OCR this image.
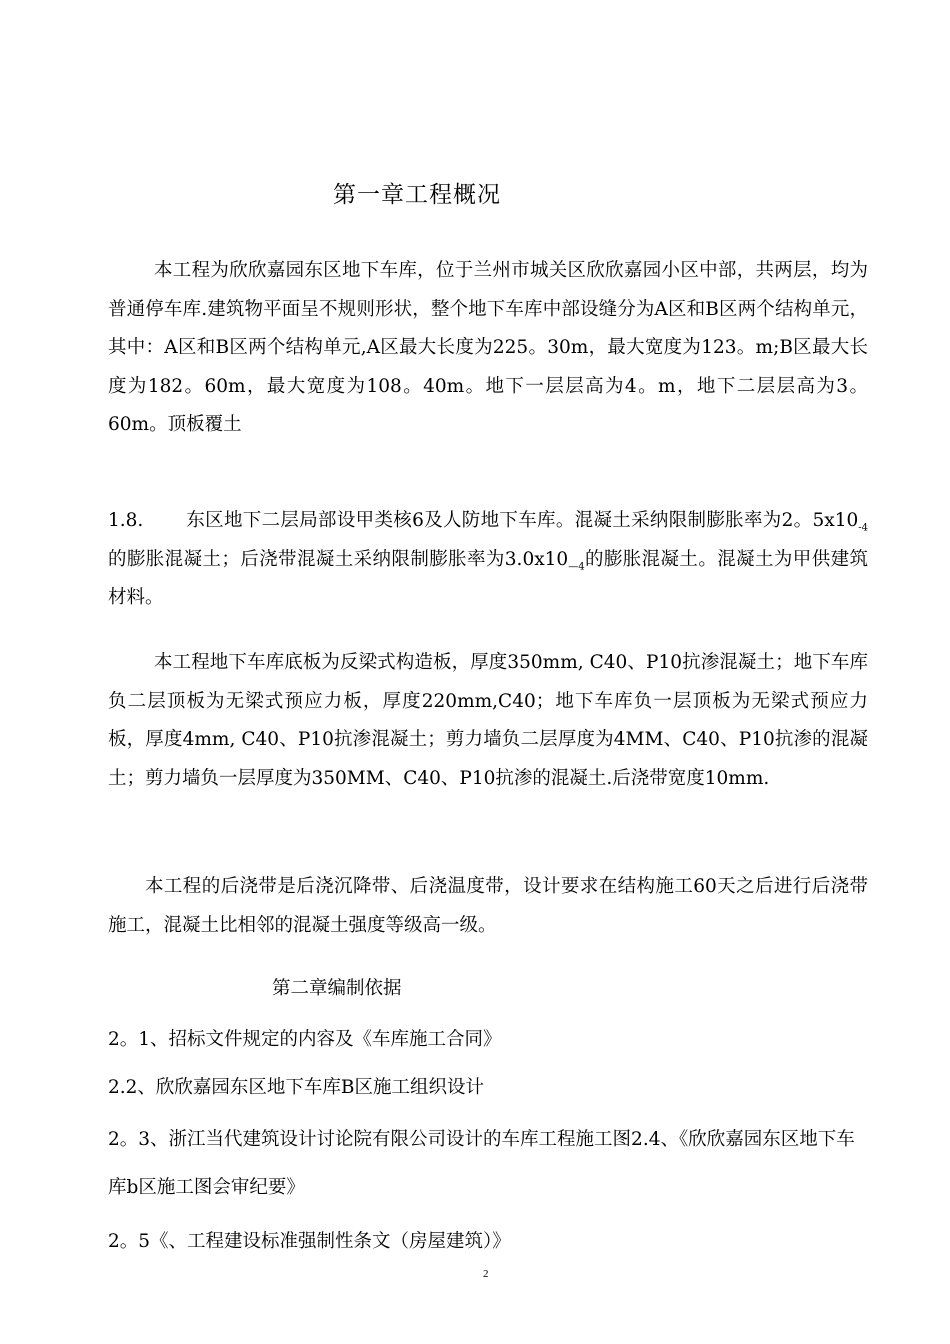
第一章工程概况

本工程为欣欣嘉园东区地下车库，位于兰州市城关区欣欣嘉园小区中部，共两层，均为普通停车库.建筑物平面呈不规则形状，整个地下车库中部设缝分为A区和B区两个结构单元，其中：A区和B区两个结构单元,A区最大长度为225。30m，最大宽度为123。m;B区最大长度为182。60m，最大宽度为108。40m。地下一层层高为4。m，地下二层层高为3。60m。顶板覆土

1.8. 东区地下二层局部设甲类核6及人防地下车库。混凝土采纳限制膨胀率为2。$5x10_{-4}$的膨胀混凝土；后浇带混凝土采纳限制膨胀率为$3.0x10_{—4}$的膨胀混凝土。混凝土为甲供建筑材料。

本工程地下车库底板为反梁式构造板，厚度350mm, C40、P10抗渗混凝土；地下车库负二层顶板为无梁式预应力板，厚度220mm,C40；地下车库负一层顶板为无梁式预应力板，厚度4mm, C40、P10抗渗混凝土；剪力墙负二层厚度为4MM、C40、P10抗渗的混凝土；剪力墙负一层厚度为350MM、C40、P10抗渗的混凝土.后浇带宽度10mm.

本工程的后浇带是后浇沉降带、后浇温度带，设计要求在结构施工60天之后进行后浇带施工，混凝土比相邻的混凝土强度等级高一级。

第二章编制依据

2。1、招标文件规定的内容及《车库施工合同》

2.2、欣欣嘉园东区地下车库B区施工组织设计

2。3、浙江当代建筑设计讨论院有限公司设计的车库工程施工图2.4、《欣欣嘉园东区地下车库b区施工图会审纪要》

2。5《、工程建设标准强制性条文（房屋建筑）》

2
